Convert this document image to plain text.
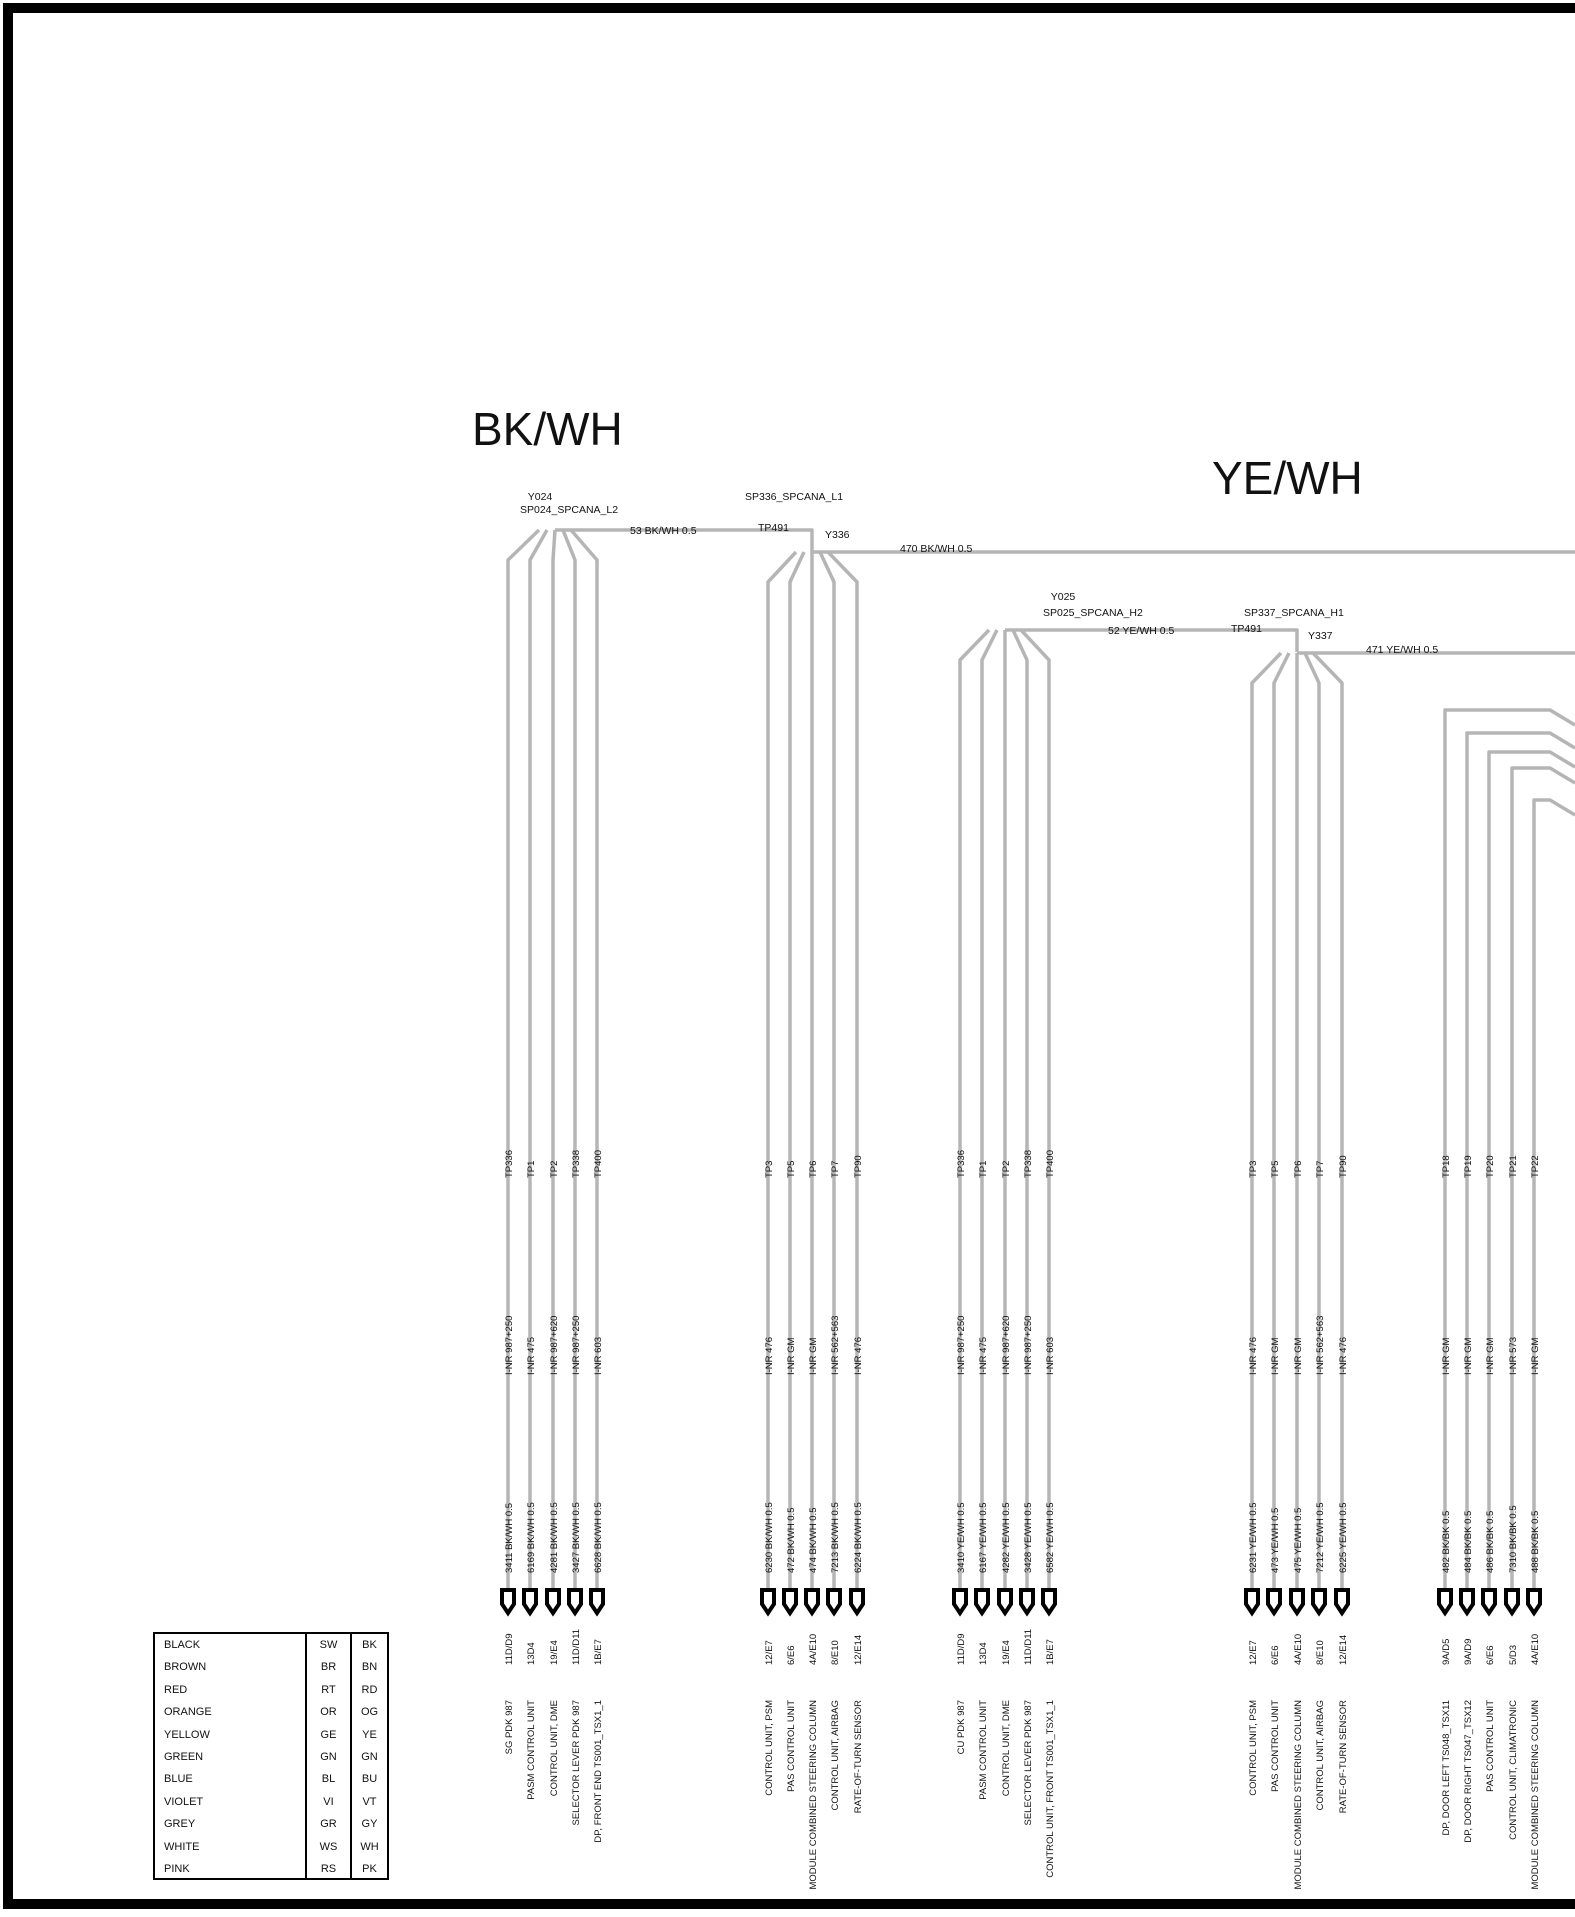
BK/WH
TP336
I-NR 987+250
3411 BK/WH 0.5
11D/D9
SG PDK 987
TP1
I-NR 475
6169 BK/WH 0.5
13D4
PASM CONTROL UNIT
TP2
I-NR 987+620
4281 BK/WH 0.5
19/E4
CONTROL UNIT, DME
TP338
I-NR 987+250
3427 BK/WH 0.5
11D/D11
SELECTOR LEVER PDK 987
TP400
I-NR 603
6628 BK/WH 0.5
1B/E7
DP, FRONT END TS001_TSX1_1
Y024
SP024_SPCANA_L2
53 BK/WH 0.5
TP3
I-NR 476
6230 BK/WH 0.5
12/E7
CONTROL UNIT, PSM
TP5
I-NR GM
472 BK/WH 0.5
6/E6
PAS CONTROL UNIT
TP6
I-NR GM
474 BK/WH 0.5
4A/E10
MODULE COMBINED STEERING COLUMN
TP7
I-NR 562+563
7213 BK/WH 0.5
8/E10
CONTROL UNIT, AIRBAG
TP90
I-NR 476
6224 BK/WH 0.5
12/E14
RATE-OF-TURN SENSOR
SP336_SPCANA_L1
TP491
Y336
470 BK/WH 0.5
YE/WH
TP336
I-NR 987+250
3410 YE/WH 0.5
11D/D9
CU PDK 987
TP1
I-NR 475
6167 YE/WH 0.5
13D4
PASM CONTROL UNIT
TP2
I-NR 987+620
4282 YE/WH 0.5
19/E4
CONTROL UNIT, DME
TP338
I-NR 987+250
3428 YE/WH 0.5
11D/D11
SELECTOR LEVER PDK 987
TP400
I-NR 603
6582 YE/WH 0.5
1B/E7
CONTROL UNIT, FRONT TS001_TSX1_1
Y025
SP025_SPCANA_H2
52 YE/WH 0.5
TP3
I-NR 476
6231 YE/WH 0.5
12/E7
CONTROL UNIT, PSM
TP5
I-NR GM
473 YE/WH 0.5
6/E6
PAS CONTROL UNIT
TP6
I-NR GM
475 YE/WH 0.5
4A/E10
MODULE COMBINED STEERING COLUMN
TP7
I-NR 562+563
7212 YE/WH 0.5
8/E10
CONTROL UNIT, AIRBAG
TP90
I-NR 476
6225 YE/WH 0.5
12/E14
RATE-OF-TURN SENSOR
SP337_SPCANA_H1
TP491
Y337
471 YE/WH 0.5
TP18
I-NR GM
482 BK/BK 0.5
9A/D5
DP, DOOR LEFT TS048_TSX11
TP19
I-NR GM
484 BK/BK 0.5
9A/D9
DP, DOOR RIGHT TS047_TSX12
TP20
I-NR GM
486 BK/BK 0.5
6/E6
PAS CONTROL UNIT
TP21
I-NR 573
7310 BK/BK 0.5
5/D3
CONTROL UNIT, CLIMATRONIC
TP22
I-NR GM
488 BK/BK 0.5
4A/E10
MODULE COMBINED STEERING COLUMN
BLACK	SW	BK
BROWN	BR	BN
RED	RT	RD
ORANGE	OR	OG
YELLOW	GE	YE
GREEN	GN	GN
BLUE	BL	BU
VIOLET	VI	VT
GREY	GR	GY
WHITE	WS	WH
PINK	RS	PK
